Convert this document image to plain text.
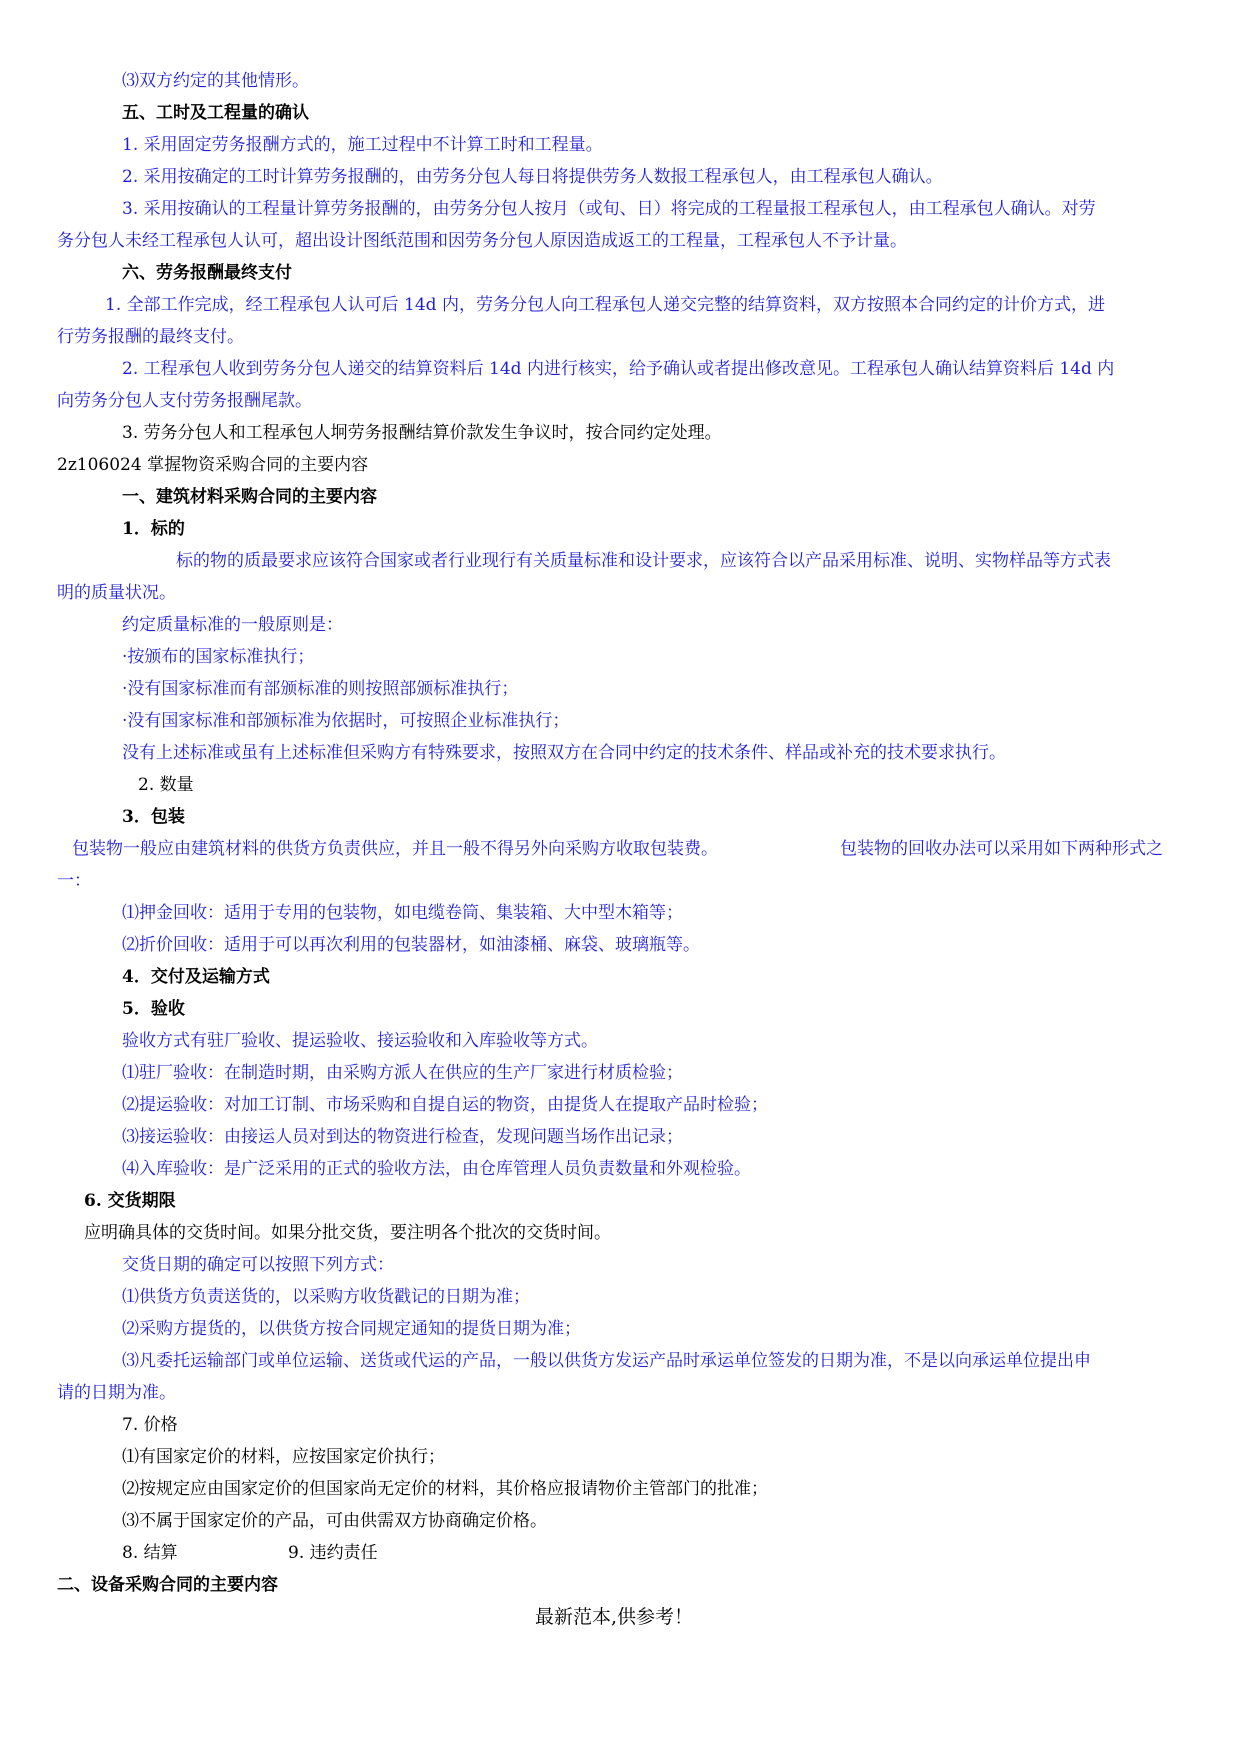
⑶双方约定的其他情形。
五、工时及工程量的确认
1. 采用固定劳务报酬方式的，施工过程中不计算工时和工程量。
2. 采用按确定的工时计算劳务报酬的，由劳务分包人每日将提供劳务人数报工程承包人，由工程承包人确认。
3. 采用按确认的工程量计算劳务报酬的，由劳务分包人按月（或旬、日）将完成的工程量报工程承包人，由工程承包人确认。对劳
务分包人未经工程承包人认可，超出设计图纸范围和因劳务分包人原因造成返工的工程量，工程承包人不予计量。
六、劳务报酬最终支付
1. 全部工作完成，经工程承包人认可后 14d 内，劳务分包人向工程承包人递交完整的结算资料，双方按照本合同约定的计价方式，进
行劳务报酬的最终支付。
2. 工程承包人收到劳务分包人递交的结算资料后 14d 内进行核实，给予确认或者提出修改意见。工程承包人确认结算资料后 14d 内
向劳务分包人支付劳务报酬尾款。
3. 劳务分包人和工程承包人坰劳务报酬结算价款发生争议时，按合同约定处理。
2z106024 掌握物资采购合同的主要内容
一、建筑材料采购合同的主要内容
1．标的
标的物的质最要求应该符合国家或者行业现行有关质量标准和设计要求，应该符合以产品采用标准、说明、实物样品等方式表
明的质量状况。
约定质量标准的一般原则是：
·按颁布的国家标准执行；
·没有国家标准而有部颁标准的则按照部颁标准执行；
·没有国家标准和部颁标准为依据时，可按照企业标准执行；
没有上述标准或虽有上述标准但采购方有特殊要求，按照双方在合同中约定的技术条件、样品或补充的技术要求执行。
2. 数量
3．包装
包装物一般应由建筑材料的供货方负责供应，并且一般不得另外向采购方收取包装费。	包装物的回收办法可以采用如下两种形式之
一：
⑴押金回收：适用于专用的包装物，如电缆卷筒、集装箱、大中型木箱等；
⑵折价回收：适用于可以再次利用的包装器材，如油漆桶、麻袋、玻璃瓶等。
4．交付及运输方式
5．验收
验收方式有驻厂验收、提运验收、接运验收和入库验收等方式。
⑴驻厂验收：在制造时期，由采购方派人在供应的生产厂家进行材质检验；
⑵提运验收：对加工订制、市场采购和自提自运的物资，由提货人在提取产品时检验；
⑶接运验收：由接运人员对到达的物资进行检查，发现问题当场作出记录；
⑷入库验收：是广泛采用的正式的验收方法，由仓库管理人员负责数量和外观检验。
6. 交货期限
应明确具体的交货时间。如果分批交货，要注明各个批次的交货时间。
交货日期的确定可以按照下列方式：
⑴供货方负责送货的，以采购方收货戳记的日期为准；
⑵采购方提货的，以供货方按合同规定通知的提货日期为准；
⑶凡委托运输部门或单位运输、送货或代运的产品，一般以供货方发运产品时承运单位签发的日期为准，不是以向承运单位提出申
请的日期为准。
7. 价格
⑴有国家定价的材料，应按国家定价执行；
⑵按规定应由国家定价的但国家尚无定价的材料，其价格应报请物价主管部门的批准；
⑶不属于国家定价的产品，可由供需双方协商确定价格。
8. 结算	9. 违约责任
二、设备采购合同的主要内容
最新范本,供参考！
